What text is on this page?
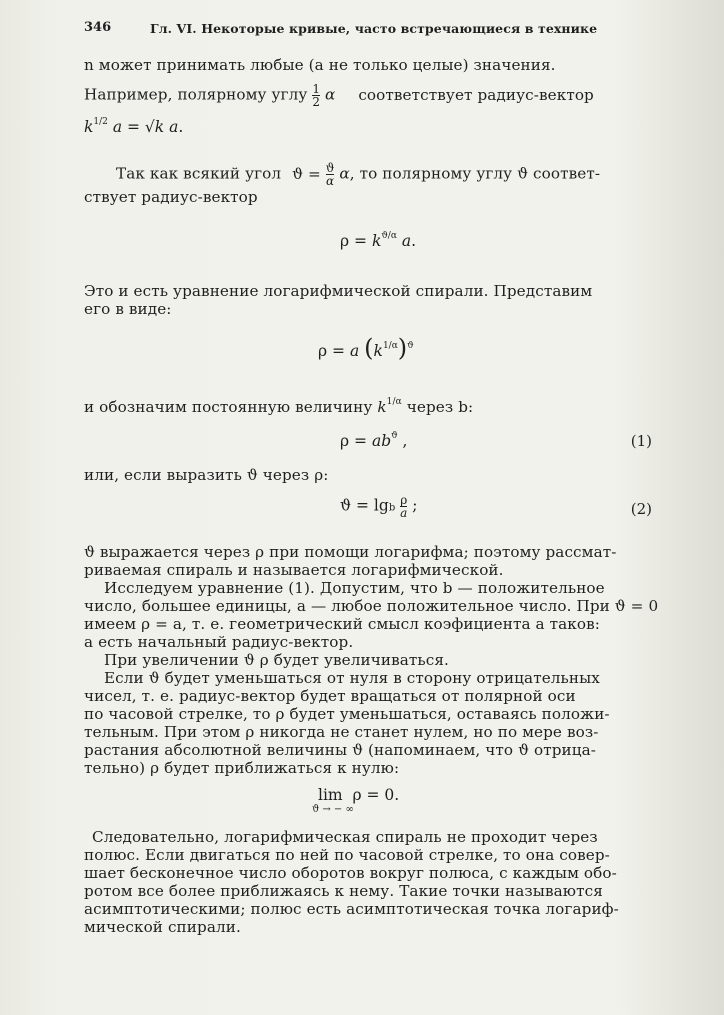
346	Гл. VI. Некоторые кривые, часто встречающиеся в технике
n может принимать любые (а не только целые) значения.
Например, полярному углу $\frac{1}{2}$ α соответствует радиус-вектор
$k^{1/2}$ a = √k a.
Так как всякий угол $ϑ = \frac{ϑ}{\alpha} \alpha$, то полярному углу ϑ соответ-
ствует радиус-вектор
$\rho = k^{ϑ/\alpha}$ a.
Это и есть уравнение логарифмической спирали. Представим
его в виде:
ρ = a $(k^{1/\alpha})^ϑ$
и обозначим постоянную величину $k^{1/\alpha}$ через b:
$\rho = ab^ϑ$ ,	(1)
или, если выразить ϑ через ρ:
ϑ = lgb $\frac{\rho}{a}$ ;	(2)
ϑ выражается через ρ при помощи логарифма; поэтому рассмат-
риваемая спираль и называется логарифмической.
Исследуем уравнение (1). Допустим, что b — положительное
число, большее единицы, a — любое положительное число. При ϑ = 0
имеем ρ = a, т. е. геометрический смысл коэфициента a таков:
a есть начальный радиус-вектор.
При увеличении ϑ ρ будет увеличиваться.
Если ϑ будет уменьшаться от нуля в сторону отрицательных
чисел, т. е. радиус-вектор будет вращаться от полярной оси
по часовой стрелке, то ρ будет уменьшаться, оставаясь положи-
тельным. При этом ρ никогда не станет нулем, но по мере воз-
растания абсолютной величины ϑ (напоминаем, что ϑ отрица-
тельно) ρ будет приближаться к нулю:
lim  ρ = 0.
ϑ → − ∞
Следовательно, логарифмическая спираль не проходит через
полюс. Если двигаться по ней по часовой стрелке, то она совер-
шает бесконечное число оборотов вокруг полюса, с каждым обо-
ротом все более приближаясь к нему. Такие точки называются
асимптотическими; полюс есть асимптотическая точка логариф-
мической спирали.
